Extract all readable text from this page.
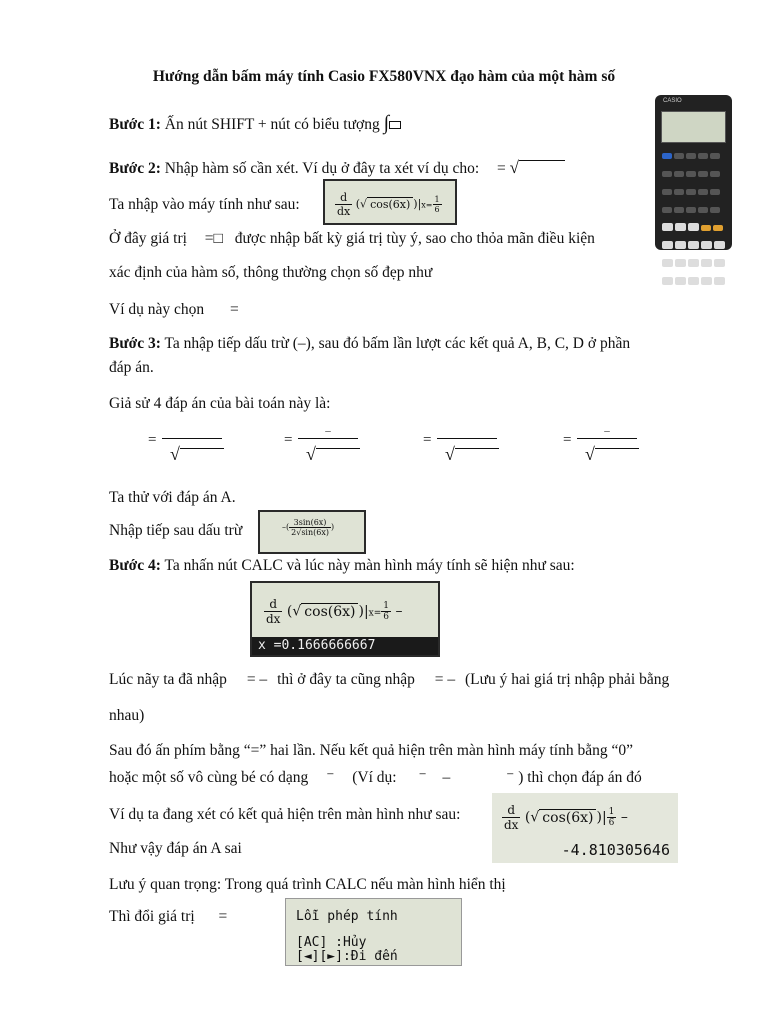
Hướng dẫn bấm máy tính Casio FX580VNX đạo hàm của một hàm số
Bước 1: Ấn nút SHIFT + nút có biểu tượng ∫
CASIO

Bước 2: Nhập hàm số cần xét. Ví dụ ở đây ta xét ví dụ cho: = √
Ta nhập vào máy tính như sau:	$\frac{d}{dx}$ (√ cos(6x) )$|x= \frac{1}{6}$
Ở đây giá trị =□ được nhập bất kỳ giá trị tùy ý, sao cho thỏa mãn điều kiện
xác định của hàm số, thông thường chọn số đẹp như
Ví dụ này chọn =
Bước 3: Ta nhập tiếp dấu trừ (–), sau đó bấm lần lượt các kết quả A, B, C, D ở phần
đáp án.
Giả sử 4 đáp án của bài toán này là:
=
√
=
–
√
=
√
=
–
√
Ta thử với đáp án A.
Nhập tiếp sau dấu trừ	–( $\frac{3\sin(6x)}{2√\sin(6x)}$ )
Bước 4: Ta nhấn nút CALC và lúc này màn hình máy tính sẽ hiện như sau:
$\frac{d}{dx}$ (√ cos(6x) )$|x= \frac{1}{6}$ –
x =0.1666666667
Lúc nãy ta đã nhập = – thì ở đây ta cũng nhập = – (Lưu ý hai giá trị nhập phải bằng
nhau)
Sau đó ấn phím bằng “=” hai lần. Nếu kết quả hiện trên màn hình máy tính bằng “0”
hoặc một số vô cùng bé có dạng ⁻ (Ví dụ: ⁻ –	⁻ ) thì chọn đáp án đó
Ví dụ ta đang xét có kết quả hiện trên màn hình như sau:	$\frac{d}{dx}$ (√ cos(6x) )| $\frac{1}{6}$ –
-4.810305646
Như vậy đáp án A sai
Lưu ý quan trọng: Trong quá trình CALC nếu màn hình hiển thị
Thì đổi giá trị =	Lỗi phép tính
[AC] :Hủy
[◄][►]:Đi đến
